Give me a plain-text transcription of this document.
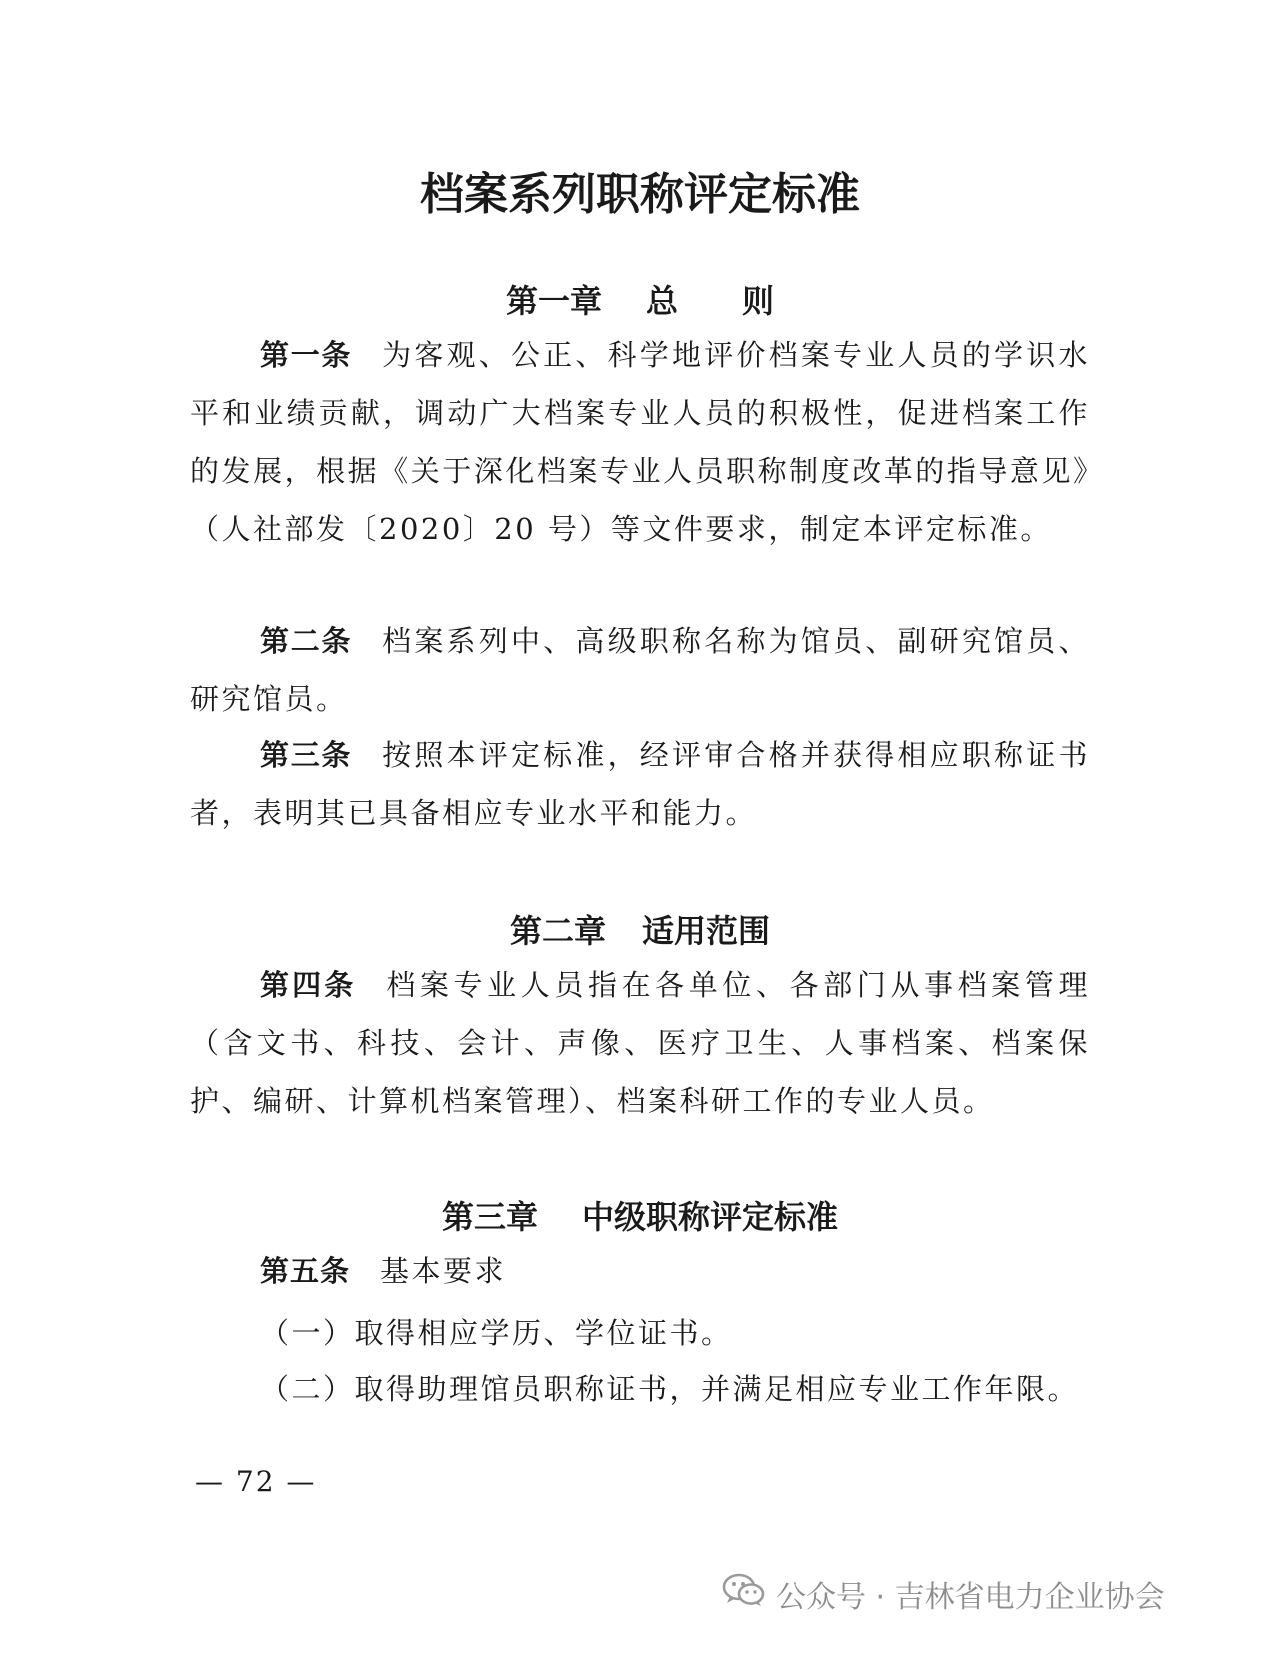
档案系列职称评定标准
第一章 总　　则

第一条 为客观、公正、科学地评价档案专业人员的学识水平和业绩贡献，调动广大档案专业人员的积极性，促进档案工作的发展，根据《关于深化档案专业人员职称制度改革的指导意见》（人社部发〔2020〕20 号）等文件要求，制定本评定标准。

第二条 档案系列中、高级职称名称为馆员、副研究馆员、研究馆员。

第三条 按照本评定标准，经评审合格并获得相应职称证书者，表明其已具备相应专业水平和能力。

第二章 适用范围

第四条 档案专业人员指在各单位、各部门从事档案管理（含文书、科技、会计、声像、医疗卫生、人事档案、档案保护、编研、计算机档案管理）、档案科研工作的专业人员。

第三章 中级职称评定标准

第五条 基本要求

（一）取得相应学历、学位证书。

（二）取得助理馆员职称证书，并满足相应专业工作年限。

— 72 —

公众号 · 吉林省电力企业协会
